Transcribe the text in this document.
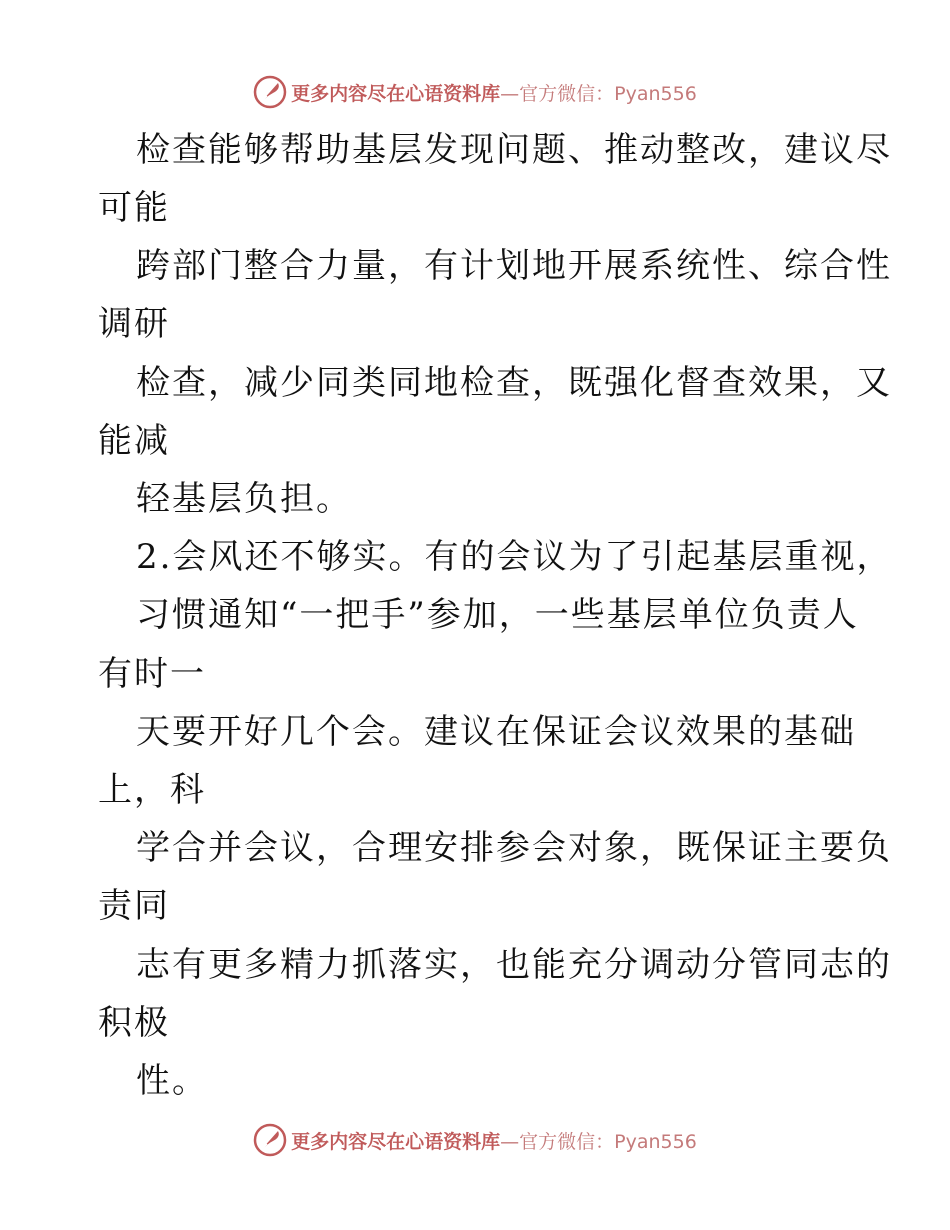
更多内容尽在心语资料库—官方微信：Pyan556
检查能够帮助基层发现问题、推动整改，建议尽
可能
跨部门整合力量，有计划地开展系统性、综合性
调研
检查，减少同类同地检查，既强化督查效果，又
能减
轻基层负担。
2.会风还不够实。有的会议为了引起基层重视，
习惯通知“一把手”参加，一些基层单位负责人
有时一
天要开好几个会。建议在保证会议效果的基础
上，科
学合并会议，合理安排参会对象，既保证主要负
责同
志有更多精力抓落实，也能充分调动分管同志的
积极
性。
更多内容尽在心语资料库—官方微信：Pyan556
